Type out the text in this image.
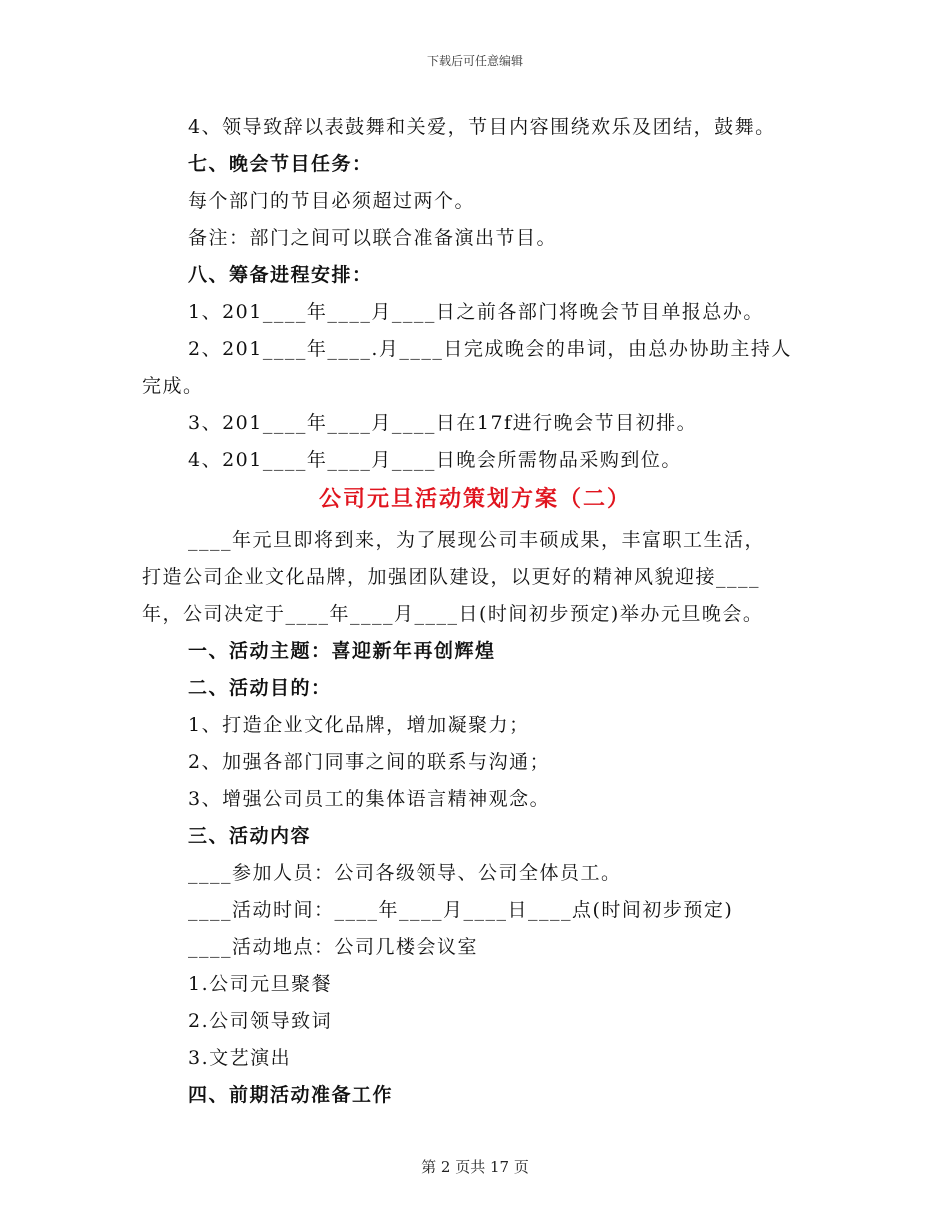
下载后可任意编辑
4、领导致辞以表鼓舞和关爱，节目内容围绕欢乐及团结，鼓舞。
七、晚会节目任务：
每个部门的节目必须超过两个。
备注：部门之间可以联合准备演出节目。
八、筹备进程安排：
1、201____年____月____日之前各部门将晚会节目单报总办。
2、201____年____.月____日完成晚会的串词，由总办协助主持人
完成。
3、201____年____月____日在17f进行晚会节目初排。
4、201____年____月____日晚会所需物品采购到位。
公司元旦活动策划方案（二）
____年元旦即将到来，为了展现公司丰硕成果，丰富职工生活，
打造公司企业文化品牌，加强团队建设，以更好的精神风貌迎接____
年，公司决定于____年____月____日(时间初步预定)举办元旦晚会。
一、活动主题：喜迎新年再创辉煌
二、活动目的：
1、打造企业文化品牌，增加凝聚力；
2、加强各部门同事之间的联系与沟通；
3、增强公司员工的集体语言精神观念。
三、活动内容
____参加人员：公司各级领导、公司全体员工。
____活动时间：____年____月____日____点(时间初步预定)
____活动地点：公司几楼会议室
1.公司元旦聚餐
2.公司领导致词
3.文艺演出
四、前期活动准备工作
第 2 页共 17 页
